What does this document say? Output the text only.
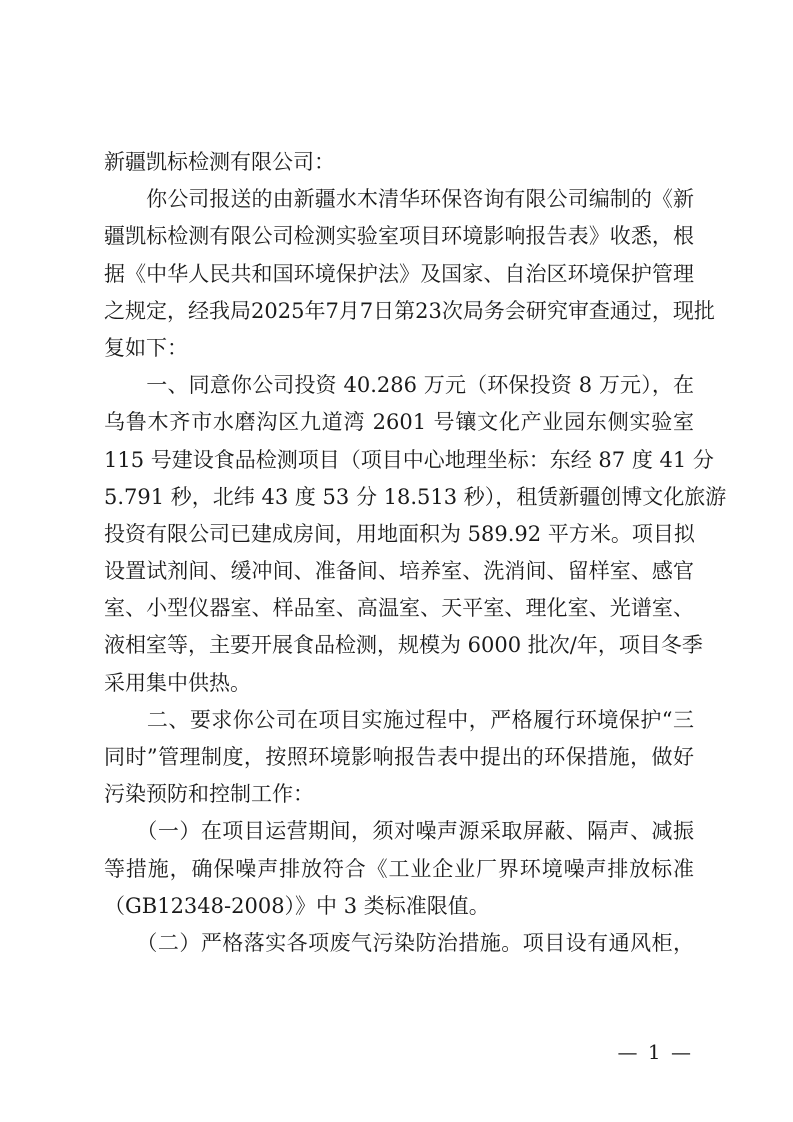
新疆凯标检测有限公司：
　　你公司报送的由新疆水木清华环保咨询有限公司编制的《新
疆凯标检测有限公司检测实验室项目环境影响报告表》收悉，根
据《中华人民共和国环境保护法》及国家、自治区环境保护管理
之规定，经我局2025年7月7日第23次局务会研究审查通过，现批
复如下：
　　一、同意你公司投资 40.286 万元（环保投资 8 万元），在
乌鲁木齐市水磨沟区九道湾 2601 号镶文化产业园东侧实验室
115 号建设食品检测项目（项目中心地理坐标：东经 87 度 41 分
5.791 秒，北纬 43 度 53 分 18.513 秒），租赁新疆创博文化旅游
投资有限公司已建成房间，用地面积为 589.92 平方米。项目拟
设置试剂间、缓冲间、准备间、培养室、洗消间、留样室、感官
室、小型仪器室、样品室、高温室、天平室、理化室、光谱室、
液相室等，主要开展食品检测，规模为 6000 批次/年，项目冬季
采用集中供热。
　　二、要求你公司在项目实施过程中，严格履行环境保护“三
同时”管理制度，按照环境影响报告表中提出的环保措施，做好
污染预防和控制工作：
　　（一）在项目运营期间，须对噪声源采取屏蔽、隔声、减振
等措施，确保噪声排放符合《工业企业厂界环境噪声排放标准
（GB12348-2008）》中 3 类标准限值。
　　（二）严格落实各项废气污染防治措施。项目设有通风柜，
— 1 —
